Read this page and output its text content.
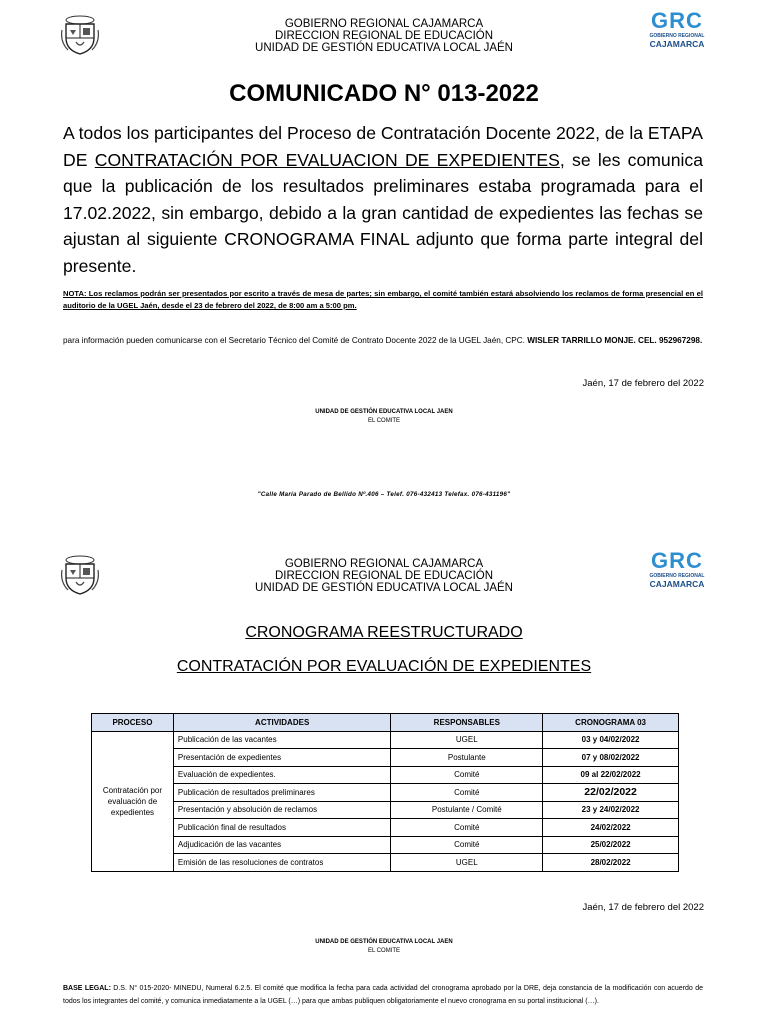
GOBIERNO REGIONAL CAJAMARCA
DIRECCION REGIONAL DE EDUCACIÓN
UNIDAD DE GESTIÓN EDUCATIVA LOCAL JAÉN
GRC
GOBIERNO REGIONAL
CAJAMARCA
COMUNICADO N° 013-2022
A todos los participantes del Proceso de Contratación Docente 2022, de la ETAPA DE CONTRATACIÓN POR EVALUACION DE EXPEDIENTES, se les comunica que la publicación de los resultados preliminares estaba programada para el 17.02.2022, sin embargo, debido a la gran cantidad de expedientes las fechas se ajustan al siguiente CRONOGRAMA FINAL adjunto que forma parte integral del presente.
NOTA: Los reclamos podrán ser presentados por escrito a través de mesa de partes; sin embargo, el comité también estará absolviendo los reclamos de forma presencial en el auditorio de la UGEL Jaén, desde el 23 de febrero del 2022, de 8:00 am a 5:00 pm.
para información pueden comunicarse con el Secretario Técnico del Comité de Contrato Docente 2022 de la UGEL Jaén, CPC. WISLER TARRILLO MONJE. CEL. 952967298.
Jaén, 17 de febrero del 2022
UNIDAD DE GESTIÓN EDUCATIVA LOCAL JAEN
EL COMITE
"Calle María Parado de Bellido Nº.406 – Telef. 076-432413 Telefax. 076-431196"
GOBIERNO REGIONAL CAJAMARCA
DIRECCION REGIONAL DE EDUCACIÓN
UNIDAD DE GESTIÓN EDUCATIVA LOCAL JAÉN
GRC
GOBIERNO REGIONAL
CAJAMARCA
CRONOGRAMA REESTRUCTURADO
CONTRATACIÓN POR EVALUACIÓN DE EXPEDIENTES
PROCESO	ACTIVIDADES	RESPONSABLES	CRONOGRAMA 03
Contratación por evaluación de expedientes	Publicación de las vacantes	UGEL	03 y 04/02/2022
	Presentación de expedientes	Postulante	07 y 08/02/2022
	Evaluación de expedientes.	Comité	09 al 22/02/2022
	Publicación de resultados preliminares	Comité	22/02/2022
	Presentación y absolución de reclamos	Postulante / Comité	23 y 24/02/2022
	Publicación final de resultados	Comité	24/02/2022
	Adjudicación de las vacantes	Comité	25/02/2022
	Emisión de las resoluciones de contratos	UGEL	28/02/2022
Jaén, 17 de febrero del 2022
UNIDAD DE GESTIÓN EDUCATIVA LOCAL JAEN
EL COMITE
BASE LEGAL: D.S. N° 015-2020- MINEDU, Numeral 6.2.5. El comité que modifica la fecha para cada actividad del cronograma aprobado por la DRE, deja constancia de la modificación con acuerdo de todos los integrantes del comité, y comunica inmediatamente a la UGEL (…) para que ambas publiquen obligatoriamente el nuevo cronograma en su portal institucional (…).
